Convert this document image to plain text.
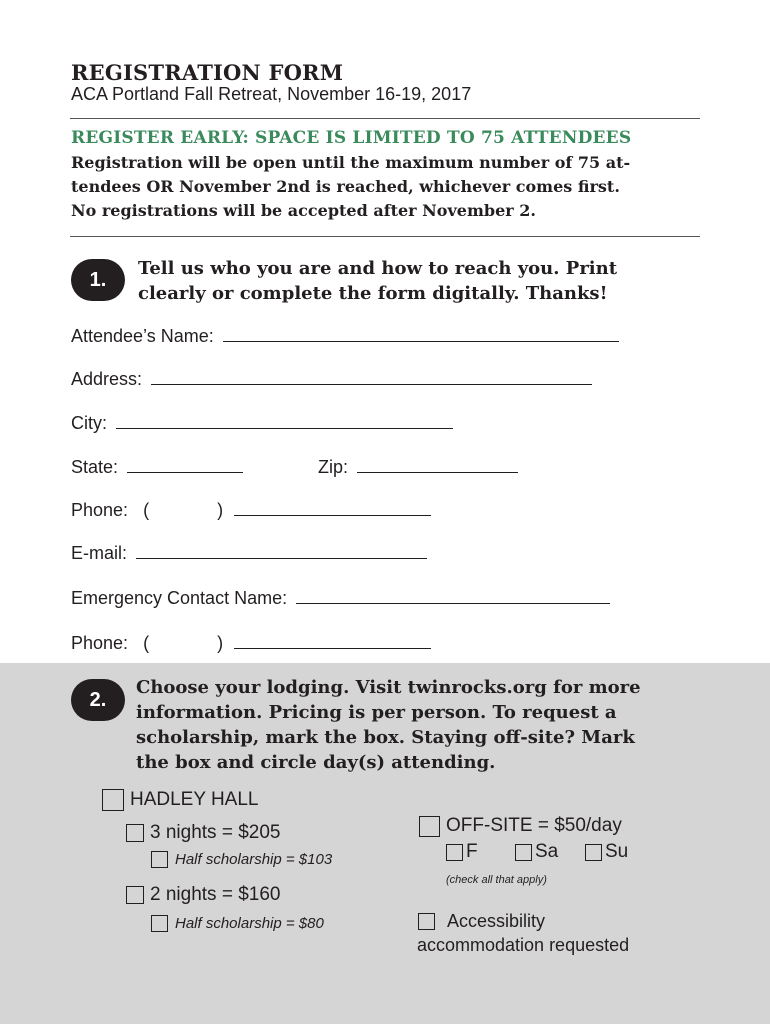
REGISTRATION FORM
ACA Portland Fall Retreat, November 16-19, 2017
REGISTER EARLY: SPACE IS LIMITED TO 75 ATTENDEES
Registration will be open until the maximum number of 75 at-
tendees OR November 2nd is reached, whichever comes first.
No registrations will be accepted after November 2.
1. Tell us who you are and how to reach you. Print
clearly or complete the form digitally. Thanks!
Attendee’s Name:
Address:
City:
State:	Zip:
Phone: (	)
E-mail:
Emergency Contact Name:
Phone: (	)
2.
Choose your lodging. Visit twinrocks.org for more
information. Pricing is per person. To request a
scholarship, mark the box. Staying off-site? Mark
the box and circle day(s) attending.
HADLEY HALL
3 nights = $205
Half scholarship = $103
2 nights = $160
Half scholarship = $80
OFF-SITE = $50/day
F	Sa Su
(check all that apply)
Accessibility
accommodation requested
